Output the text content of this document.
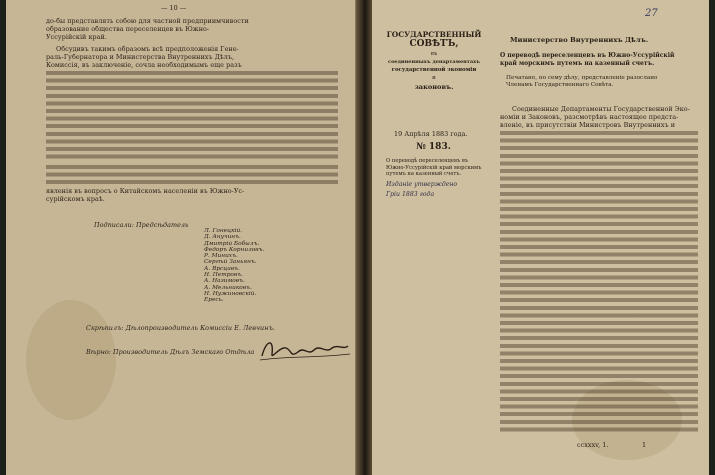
— 10 —
до-бы представлять собою для частной предприимчивости
образование общества переселенцев въ Южно-
Уссурійскій край.
Обсудивъ такимъ образомъ всѣ предположенія Гене-
раль-Губернатора и Министерства Внутреннихъ Дѣлъ,
Комиссія, въ заключеніе, сочла необходимымъ еще разъ
явленія въ вопросъ о Китайскомъ населеніи въ Южно-Ус-
сурійскомъ краѣ.
Подписали: Предсѣдатель
Л. Гонецкій.
Д. Анучинъ.
Дмитрій Бобылъ.
Федоръ Корниловъ.
Р. Минихъ.
Сергѣй Заньянъ.
А. Врсцавъ.
Н. Петровъ.
А. Назимовъ.
А. Мельниковъ.
Н. Нужиновскій.
Ересь.
Скрѣпилъ: Дѣлопроизводитель Комиссіи Е. Левчинъ.
Вѣрно: Производитель Дѣлъ Земскаго Отдѣла
27
ГОСУДАРСТВЕННЫЙ
СОВѢТЪ,
въ
соединенныхъ департаментахъ
государственной экономіи
и
законовъ.
19 Апрѣля 1883 года.
№ 183.
О переводѣ переселенцевъ въ
Южно-Уссурійскій край морскимъ
путемъ на казенный счетъ.
Изданіе утверждено
Гріи 1883 года
Министерство Внутреннихъ Дѣлъ.
О переводѣ переселенцевъ въ Южно-Уссурійскій
край морскимъ путемъ на казенный счетъ.
Печатано, по сему дѣлу, представленіе разослано
Членамъ Государственнаго Совѣта.
Соединенные Департаменты Государственной Эко-
номіи и Законовъ, разсмотрѣвъ настоящее предста-
вленіе, въ присутствіи Министровъ Внутреннихъ и
ccxxxv, 1.	1
